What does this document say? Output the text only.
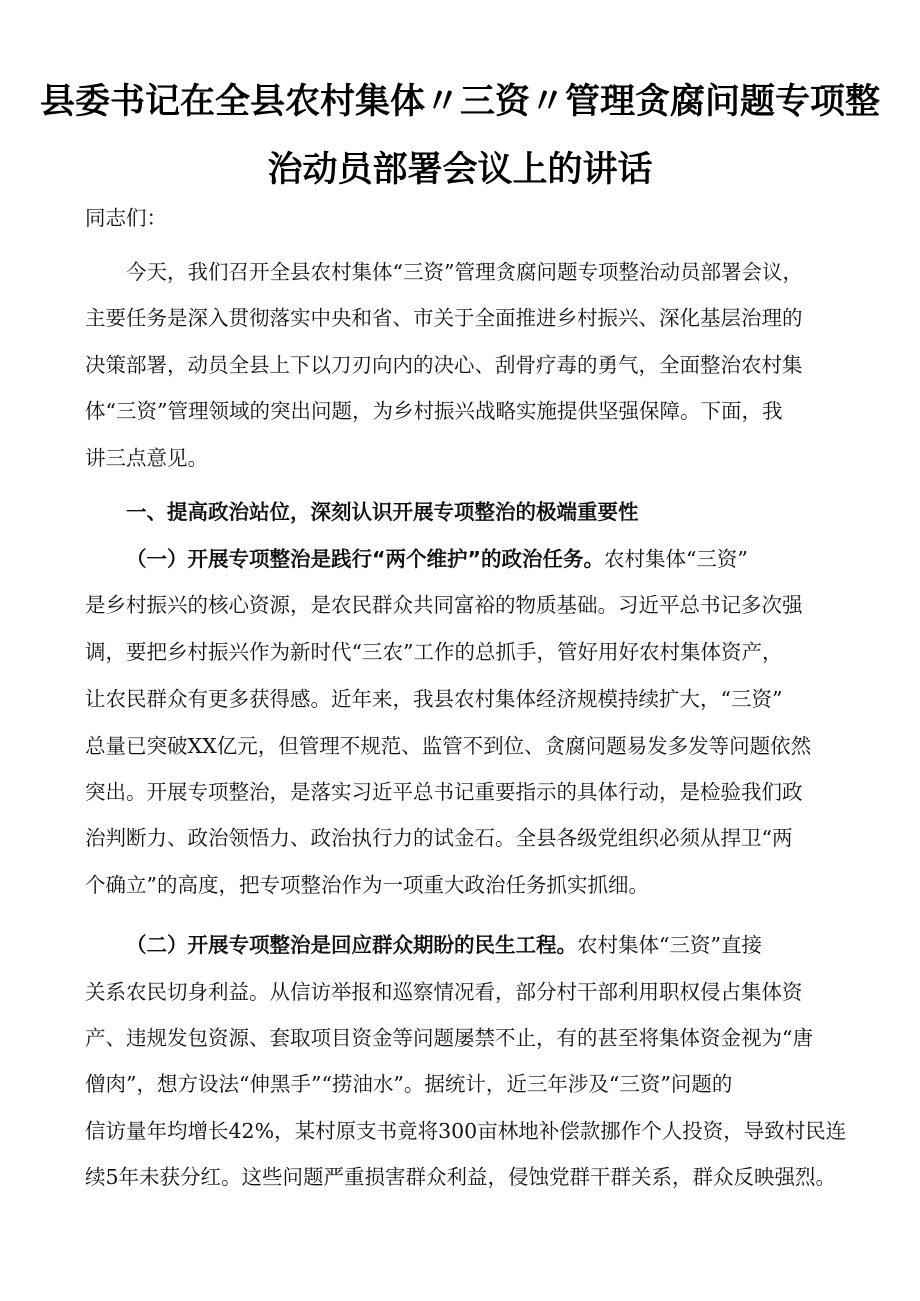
县委书记在全县农村集体〃三资〃管理贪腐问题专项整
治动员部署会议上的讲话
同志们：
今天，我们召开全县农村集体“三资”管理贪腐问题专项整治动员部署会议，
主要任务是深入贯彻落实中央和省、市关于全面推进乡村振兴、深化基层治理的
决策部署，动员全县上下以刀刃向内的决心、刮骨疗毒的勇气，全面整治农村集
体“三资”管理领域的突出问题，为乡村振兴战略实施提供坚强保障。下面，我
讲三点意见。
一、提高政治站位，深刻认识开展专项整治的极端重要性
（一）开展专项整治是践行“两个维护”的政治任务。农村集体“三资”
是乡村振兴的核心资源，是农民群众共同富裕的物质基础。习近平总书记多次强
调，要把乡村振兴作为新时代“三农”工作的总抓手，管好用好农村集体资产，
让农民群众有更多获得感。近年来，我县农村集体经济规模持续扩大，“三资”
总量已突破XX亿元，但管理不规范、监管不到位、贪腐问题易发多发等问题依然
突出。开展专项整治，是落实习近平总书记重要指示的具体行动，是检验我们政
治判断力、政治领悟力、政治执行力的试金石。全县各级党组织必须从捍卫“两
个确立”的高度，把专项整治作为一项重大政治任务抓实抓细。
（二）开展专项整治是回应群众期盼的民生工程。农村集体“三资”直接
关系农民切身利益。从信访举报和巡察情况看，部分村干部利用职权侵占集体资
产、违规发包资源、套取项目资金等问题屡禁不止，有的甚至将集体资金视为“唐
僧肉”，想方设法“伸黑手”“捞油水”。据统计，近三年涉及“三资”问题的
信访量年均增长42%，某村原支书竟将300亩林地补偿款挪作个人投资，导致村民连
续5年未获分红。这些问题严重损害群众利益，侵蚀党群干群关系，群众反映强烈。
